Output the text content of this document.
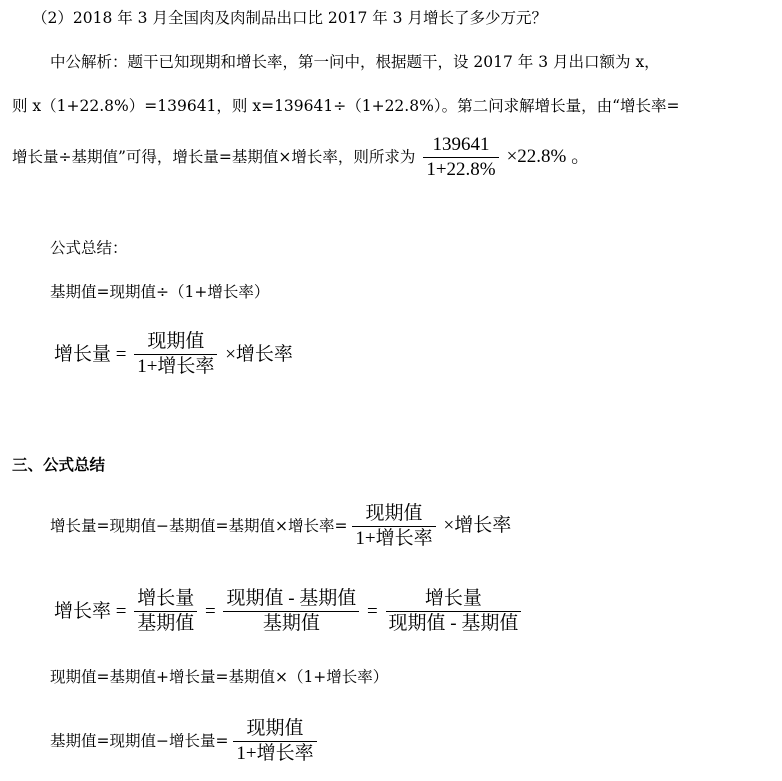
（2）2018 年 3 月全国肉及肉制品出口比 2017 年 3 月增长了多少万元？
中公解析：题干已知现期和增长率，第一问中，根据题干，设 2017 年 3 月出口额为 x，
则 x（1+22.8%）=139641，则 x=139641÷（1+22.8%）。第二问求解增长量，由“增长率=
增长量÷基期值”可得，增长量=基期值×增长率，则所求为 $\frac{139641}{1+22.8\%} \times 22.8\%$ 。
公式总结：
基期值=现期值÷（1+增长率）
增长量 = $\frac{\text{现期值}}{\text{1+增长率}}$ ×增长率
三、公式总结
增长量=现期值−基期值=基期值×增长率= $\frac{\text{现期值}}{\text{1+增长率}}$ ×增长率
增长率 = $\frac{\text{增长量}}{\text{基期值}} = \frac{\text{现期值 - 基期值}}{\text{基期值}} = \frac{\text{增长量}}{\text{现期值 - 基期值}}$
现期值=基期值+增长量=基期值×（1+增长率）
基期值=现期值−增长量= $\frac{\text{现期值}}{\text{1+增长率}}$
